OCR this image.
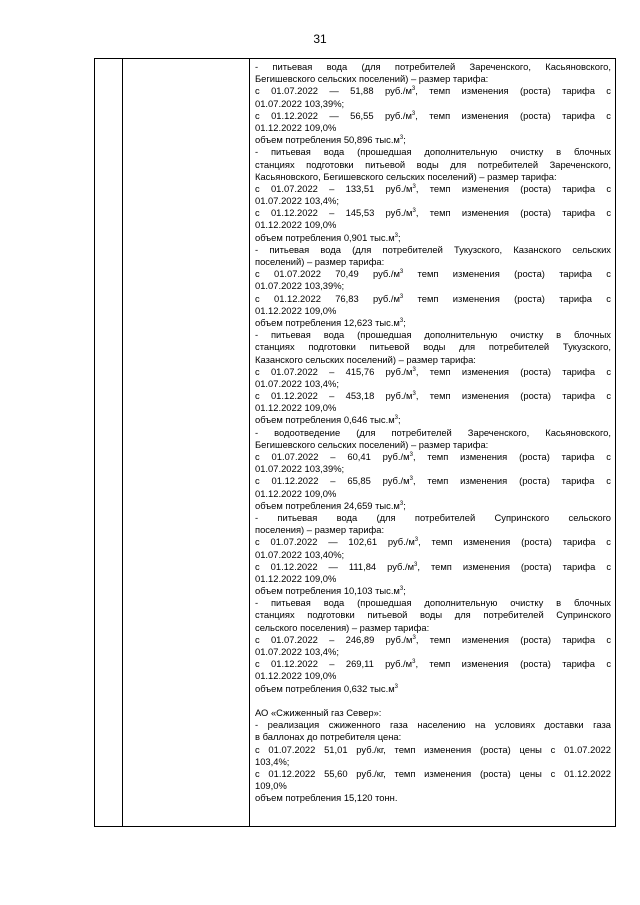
31

- питьевая вода (для потребителей Зареченского, Касьяновского,
Бегишевского сельских поселений) – размер тарифа:
с 01.07.2022 — 51,88 $руб./м^3$, темп изменения (роста) тарифа с
01.07.2022 103,39%;
с 01.12.2022 — 56,55 $руб./м^3$, темп изменения (роста) тарифа с
01.12.2022 109,0%
объем потребления 50,896 $тыс.м^3$;
- питьевая вода (прошедшая дополнительную очистку в блочных
станциях подготовки питьевой воды для потребителей Зареченского,
Касьяновского, Бегишевского сельских поселений) – размер тарифа:
с 01.07.2022 – 133,51 $руб./м^3$, темп изменения (роста) тарифа с
01.07.2022 103,4%;
с 01.12.2022 – 145,53 $руб./м^3$, темп изменения (роста) тарифа с
01.12.2022 109,0%
объем потребления 0,901 $тыс.м^3$;
- питьевая вода (для потребителей Тукузского, Казанского сельских
поселений) – размер тарифа:
с 01.07.2022 70,49 $руб./м^3$ темп изменения (роста) тарифа с
01.07.2022 103,39%;
с 01.12.2022 76,83 $руб./м^3$ темп изменения (роста) тарифа с
01.12.2022 109,0%
объем потребления 12,623 $тыс.м^3$;
- питьевая вода (прошедшая дополнительную очистку в блочных
станциях подготовки питьевой воды для потребителей Тукузского,
Казанского сельских поселений) – размер тарифа:
с 01.07.2022 – 415,76 $руб./м^3$, темп изменения (роста) тарифа с
01.07.2022 103,4%;
с 01.12.2022 – 453,18 $руб./м^3$, темп изменения (роста) тарифа с
01.12.2022 109,0%
объем потребления 0,646 $тыс.м^3$;
- водоотведение (для потребителей Зареченского, Касьяновского,
Бегишевского сельских поселений) – размер тарифа:
с 01.07.2022 – 60,41 $руб./м^3$, темп изменения (роста) тарифа с
01.07.2022 103,39%;
с 01.12.2022 – 65,85 $руб./м^3$, темп изменения (роста) тарифа с
01.12.2022 109,0%
объем потребления 24,659 $тыс.м^3$;
- питьевая вода (для потребителей Супринского сельского
поселения) – размер тарифа:
с 01.07.2022 — 102,61 $руб./м^3$, темп изменения (роста) тарифа с
01.07.2022 103,40%;
с 01.12.2022 — 111,84 $руб./м^3$, темп изменения (роста) тарифа с
01.12.2022 109,0%
объем потребления 10,103 $тыс.м^3$;
- питьевая вода (прошедшая дополнительную очистку в блочных
станциях подготовки питьевой воды для потребителей Супринского
сельского поселения) – размер тарифа:
с 01.07.2022 – 246,89 $руб./м^3$, темп изменения (роста) тарифа с
01.07.2022 103,4%;
с 01.12.2022 – 269,11 $руб./м^3$, темп изменения (роста) тарифа с
01.12.2022 109,0%
объем потребления 0,632 $тыс.м^3$
АО «Сжиженный газ Север»:
- реализация сжиженного газа населению на условиях доставки газа
в баллонах до потребителя цена:
с 01.07.2022 51,01 руб./кг, темп изменения (роста) цены с 01.07.2022
103,4%;
с 01.12.2022 55,60 руб./кг, темп изменения (роста) цены с 01.12.2022
109,0%
объем потребления 15,120 тонн.
